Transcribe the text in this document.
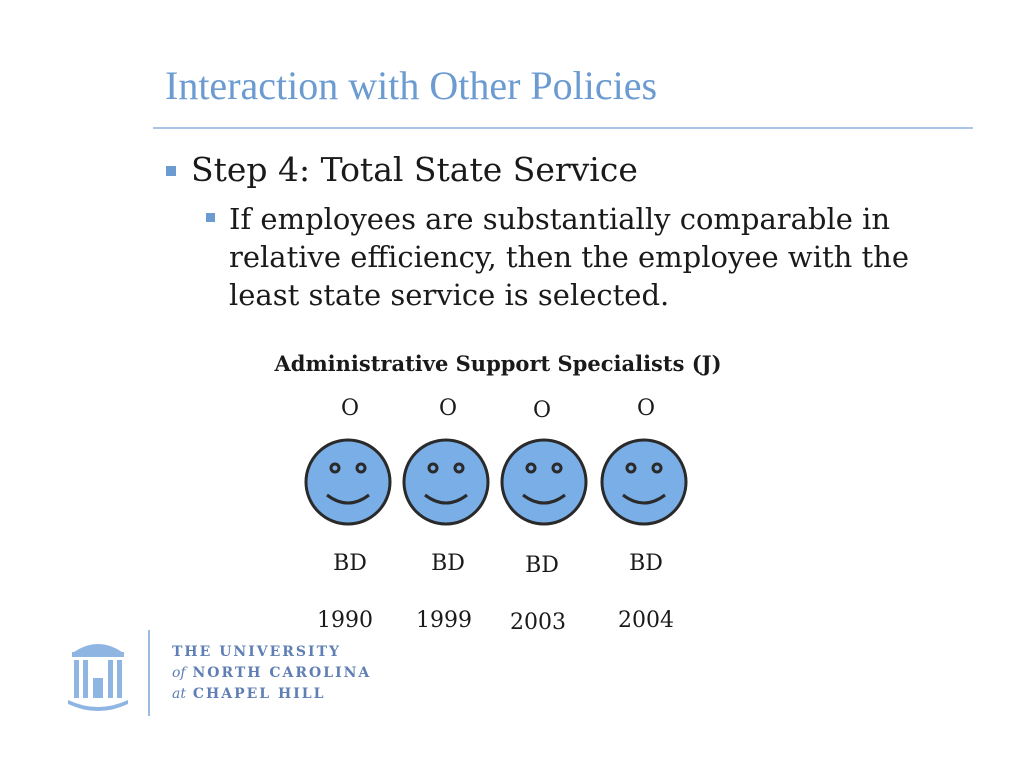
Interaction with Other Policies
Step 4: Total State Service
If employees are substantially comparable in relative efficiency, then the employee with the least state service is selected.
Administrative Support Specialists (J)
O
BD
1990
O
BD
1999
O
BD
2003
O
BD
2004
THE UNIVERSITY
of NORTH CAROLINA
at CHAPEL HILL
